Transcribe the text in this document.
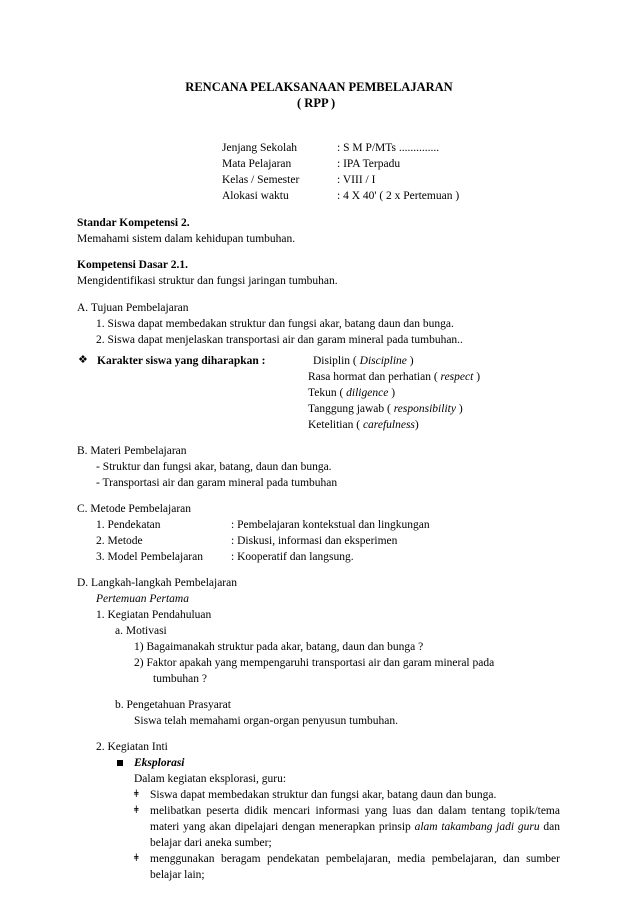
RENCANA PELAKSANAAN PEMBELAJARAN
( RPP )
Jenjang Sekolah	: S M P/MTs ..............
Mata Pelajaran	: IPA Terpadu
Kelas / Semester	: VIII / I
Alokasi waktu	: 4 X 40' ( 2 x Pertemuan )
Standar Kompetensi 2.
Memahami sistem dalam kehidupan tumbuhan.
Kompetensi Dasar 2.1.
Mengidentifikasi struktur dan fungsi jaringan tumbuhan.
A. Tujuan Pembelajaran
1. Siswa dapat membedakan struktur dan fungsi akar, batang daun dan bunga.
2. Siswa dapat menjelaskan transportasi air dan garam mineral pada tumbuhan..
❖ Karakter siswa yang diharapkan :	Disiplin ( Discipline )
Rasa hormat dan perhatian ( respect )
Tekun ( diligence )
Tanggung jawab ( responsibility )
Ketelitian ( carefulness)
B. Materi Pembelajaran
- Struktur dan fungsi akar, batang, daun dan bunga.
- Transportasi air dan garam mineral pada tumbuhan
C. Metode Pembelajaran
1. Pendekatan	: Pembelajaran kontekstual dan lingkungan
2. Metode	: Diskusi, informasi dan eksperimen
3. Model Pembelajaran : Kooperatif dan langsung.
D. Langkah-langkah Pembelajaran
Pertemuan Pertama
1. Kegiatan Pendahuluan
a. Motivasi
1) Bagaimanakah struktur pada akar, batang, daun dan bunga ?
2) Faktor apakah yang mempengaruhi transportasi air dan garam mineral pada
tumbuhan ?
b. Pengetahuan Prasyarat
Siswa telah memahami organ-organ penyusun tumbuhan.
2. Kegiatan Inti
Eksplorasi
Dalam kegiatan eksplorasi, guru:
ǂ Siswa dapat membedakan struktur dan fungsi akar, batang daun dan bunga.
ǂ melibatkan peserta didik mencari informasi yang luas dan dalam tentang topik/tema
materi yang akan dipelajari dengan menerapkan prinsip alam takambang jadi guru dan
belajar dari aneka sumber;
ǂ menggunakan beragam pendekatan pembelajaran, media pembelajaran, dan sumber
belajar lain;
